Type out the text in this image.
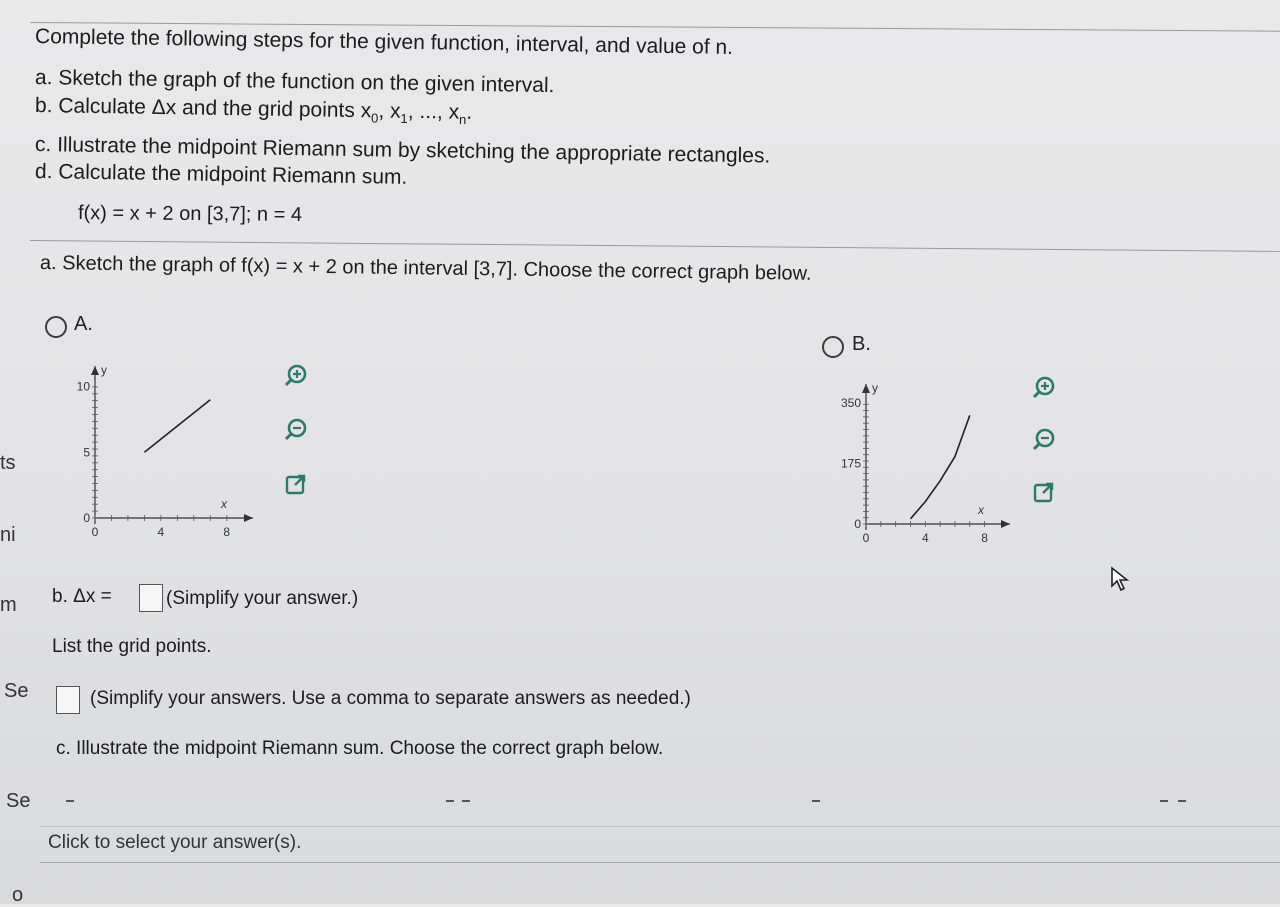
ts
ni
m
Se
Se
o
Complete the following steps for the given function, interval, and value of n.
a. Sketch the graph of the function on the given interval.
b. Calculate Δx and the grid points $x_0$, $x_1$, ..., $x_n$.
c. Illustrate the midpoint Riemann sum by sketching the appropriate rectangles.
d. Calculate the midpoint Riemann sum.
f(x) = x + 2 on [3,7]; n = 4
a. Sketch the graph of f(x) = x + 2 on the interval [3,7]. Choose the correct graph below.
A.
0	4	8
0
5
10
y
x
B.
0	4	8
0
175
350
y
x
b. Δx =	(Simplify your answer.)
List the grid points.
(Simplify your answers. Use a comma to separate answers as needed.)
c. Illustrate the midpoint Riemann sum. Choose the correct graph below.
Click to select your answer(s).
